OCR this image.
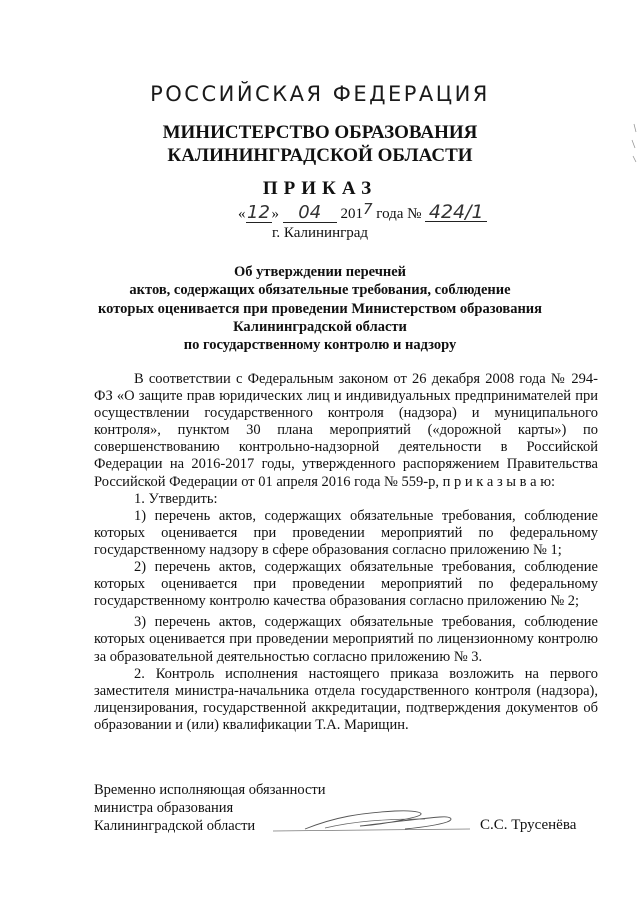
РОССИЙСКАЯ ФЕДЕРАЦИЯ
МИНИСТЕРСТВО ОБРАЗОВАНИЯ
КАЛИНИНГРАДСКОЙ ОБЛАСТИ
ПРИКАЗ
«12 » 04 2017 года № 424/1
г. Калининград
Об утверждении перечней
актов, содержащих обязательные требования, соблюдение
которых оценивается при проведении Министерством образования
Калининградской области
по государственному контролю и надзору

В соответствии с Федеральным законом от 26 декабря 2008 года № 294-ФЗ «О защите прав юридических лиц и индивидуальных предпринимателей при осуществлении государственного контроля (надзора) и муниципального контроля», пунктом 30 плана мероприятий («дорожной карты») по совершенствованию контрольно-надзорной деятельности в Российской Федерации на 2016-2017 годы, утвержденного распоряжением Правительства Российской Федерации от 01 апреля 2016 года № 559-р, п р и к а з ы в а ю:

1. Утвердить:

1) перечень актов, содержащих обязательные требования, соблюдение которых оценивается при проведении мероприятий по федеральному государственному надзору в сфере образования согласно приложению № 1;

2) перечень актов, содержащих обязательные требования, соблюдение которых оценивается при проведении мероприятий по федеральному государственному контролю качества образования согласно приложению № 2;

3) перечень актов, содержащих обязательные требования, соблюдение которых оценивается при проведении мероприятий по лицензионному контролю за образовательной деятельностью согласно приложению № 3.

2. Контроль исполнения настоящего приказа возложить на первого заместителя министра-начальника отдела государственного контроля (надзора), лицензирования, государственной аккредитации, подтверждения документов об образовании и (или) квалификации Т.А. Марищин.

Временно исполняющая обязанности
министра образования
Калининградской области	С.С. Трусенёва
